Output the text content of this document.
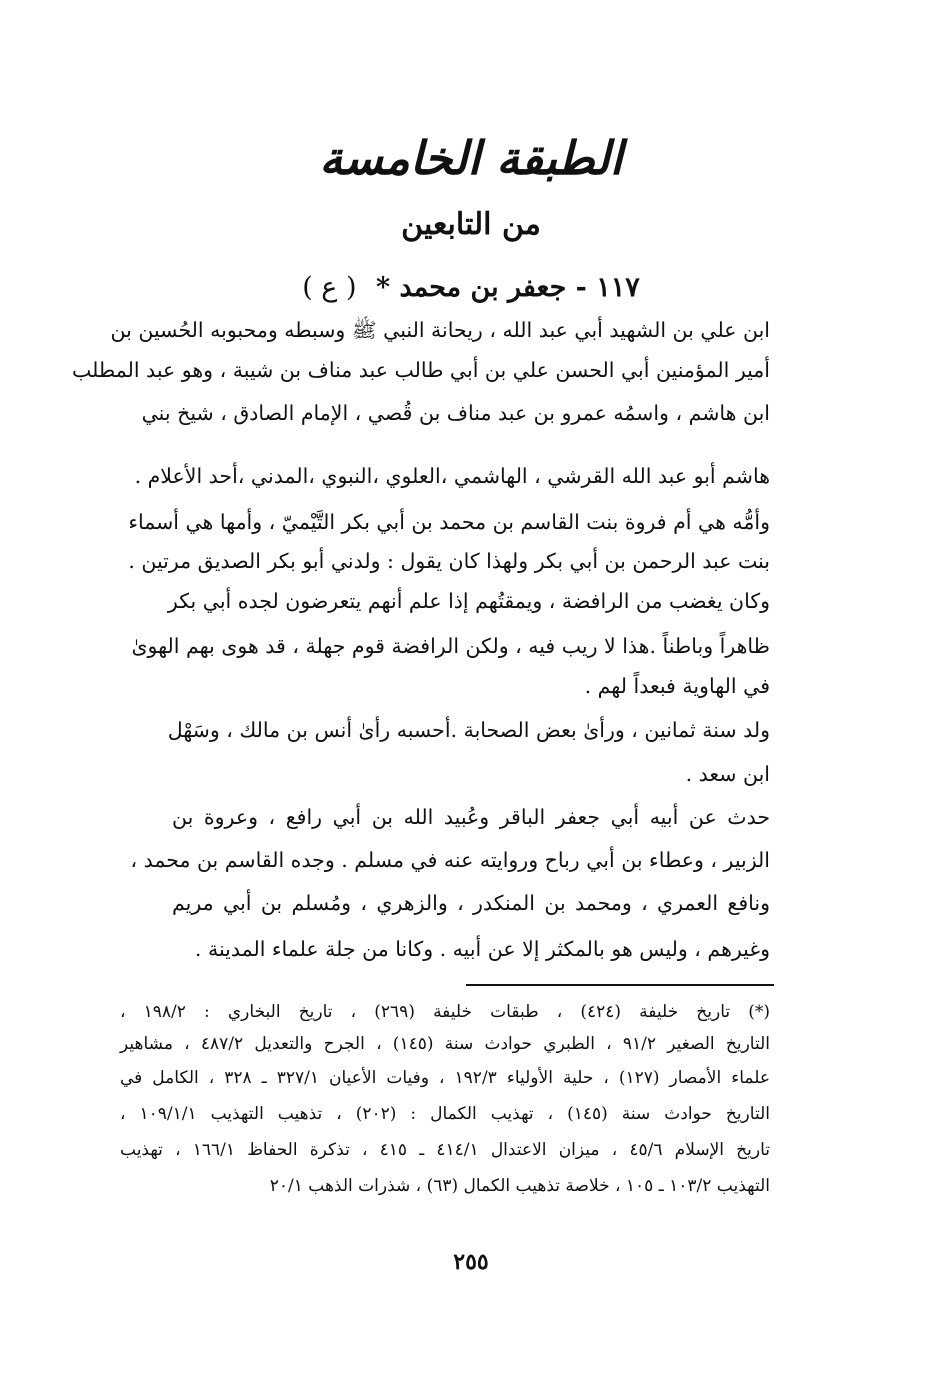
الطبقة الخامسة
من التابعين
١١٧ - جعفر بن محمد * ( ع )
ابن علي بن الشهيد أبي عبد الله ، ريحانة النبي ﷺ وسبطه ومحبوبه الحُسين بن
أمير المؤمنين أبي الحسن علي بن أبي طالب عبد مناف بن شيبة ، وهو عبد المطلب
ابن هاشم ، واسمُه عمرو بن عبد مناف بن قُصي ، الإمام الصادق ، شيخ بني
هاشم أبو عبد الله القرشي ، الهاشمي ،العلوي ،النبوي ،المدني ،أحد الأعلام .
وأمُّه هي أم فروة بنت القاسم بن محمد بن أبي بكر التَّيْميّ ، وأمها هي أسماء
بنت عبد الرحمن بن أبي بكر ولهذا كان يقول : ولدني أبو بكر الصديق مرتين .
وكان يغضب من الرافضة ، ويمقتُهم إذا علم أنهم يتعرضون لجده أبي بكر
ظاهراً وباطناً .هذا لا ريب فيه ، ولكن الرافضة قوم جهلة ، قد هوى بهم الهوىٰ
في الهاوية فبعداً لهم .
ولد سنة ثمانين ، ورأىٰ بعض الصحابة .أحسبه رأىٰ أنس بن مالك ، وسَهْل
ابن سعد .
حدث عن أبيه أبي جعفر الباقر وعُبيد الله بن أبي رافع ، وعروة بن
الزبير ، وعطاء بن أبي رباح وروايته عنه في مسلم . وجده القاسم بن محمد ،
ونافع العمري ، ومحمد بن المنكدر ، والزهري ، ومُسلم بن أبي مريم
وغيرهم ، وليس هو بالمكثر إلا عن أبيه . وكانا من جلة علماء المدينة .
(*) تاريخ خليفة (٤٢٤) ، طبقات خليفة (٢٦٩) ، تاريخ البخاري : ١٩٨/٢ ،
التاريخ الصغير ٩١/٢ ، الطبري حوادث سنة (١٤٥) ، الجرح والتعديل ٤٨٧/٢ ، مشاهير
علماء الأمصار (١٢٧) ، حلية الأولياء ١٩٢/٣ ، وفيات الأعيان ٣٢٧/١ ـ ٣٢٨ ، الكامل في
التاريخ حوادث سنة (١٤٥) ، تهذيب الكمال : (٢٠٢) ، تذهيب التهذيب ١٠٩/١/١ ،
تاريخ الإسلام ٤٥/٦ ، ميزان الاعتدال ٤١٤/١ ـ ٤١٥ ، تذكرة الحفاظ ١٦٦/١ ، تهذيب
التهذيب ١٠٣/٢ ـ ١٠٥ ، خلاصة تذهيب الكمال (٦٣) ، شذرات الذهب ٢٠/١
٢٥٥
